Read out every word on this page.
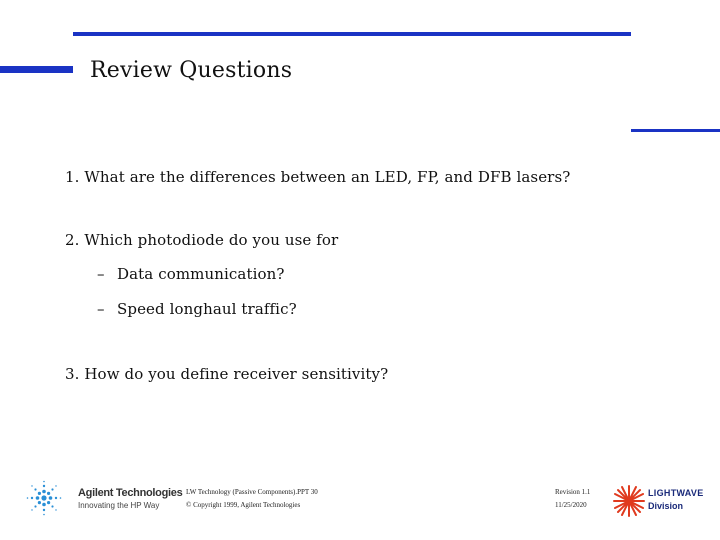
Review Questions
1. What are the differences between an LED, FP, and DFB lasers?
2. Which photodiode do you use for
– Data communication?
– Speed longhaul traffic?
3. How do you define receiver sensitivity?
Agilent Technologies
Innovating the HP Way
LW Technology (Passive Components).PPT 30
© Copyright 1999, Agilent Technologies
Revision 1.1
11/25/2020
LIGHTWAVE
Division
